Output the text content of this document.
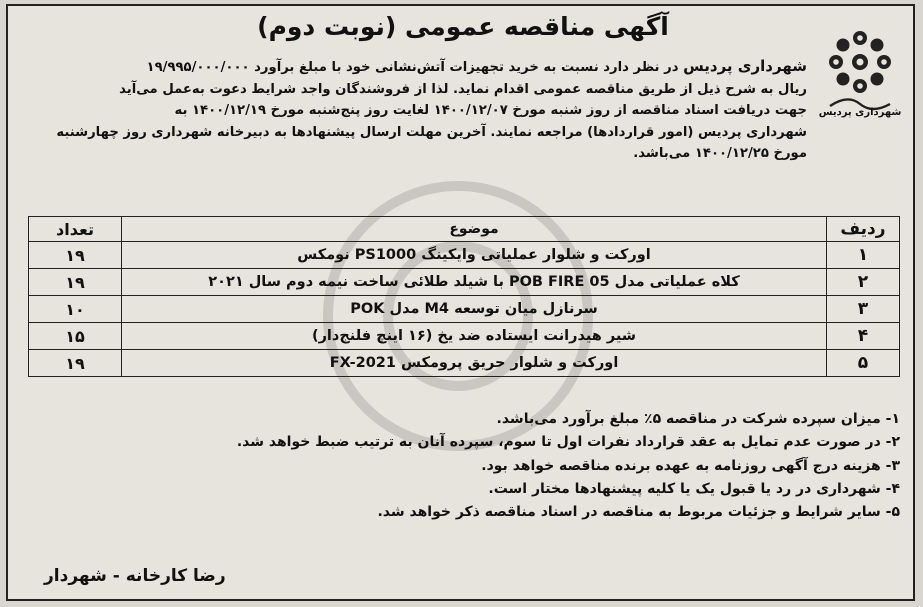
شهرداری پردیس
آگهی مناقصه عمومی (نوبت دوم)
شهرداری پردیس در نظر دارد نسبت به خرید تجهیزات آتش‌نشانی خود با مبلغ برآورد ۱۹/۹۹۵/۰۰۰/۰۰۰
ریال به شرح ذیل از طریق مناقصه عمومی اقدام نماید. لذا از فروشندگان واجد شرایط دعوت به‌عمل می‌آید
جهت دریافت اسناد مناقصه از روز شنبه مورخ ۱۴۰۰/۱۲/۰۷ لغایت روز پنج‌شنبه مورخ ۱۴۰۰/۱۲/۱۹ به
شهرداری پردیس (امور قراردادها) مراجعه نمایند. آخرین مهلت ارسال پیشنهادها به دبیرخانه شهرداری روز چهارشنبه
مورخ ۱۴۰۰/۱۲/۲۵ می‌باشد.
ردیف	موضوع	تعداد
۱	اورکت و شلوار عملیاتی وایکینگ PS1000 نومکس	۱۹
۲	کلاه عملیاتی مدل POB FIRE 05 با شیلد طلائی ساخت نیمه دوم سال ۲۰۲۱	۱۹
۳	سرنازل میان توسعه M4 مدل POK	۱۰
۴	شیر هیدرانت ایستاده ضد یخ (۱۶ اینچ فلنج‌دار)	۱۵
۵	اورکت و شلوار حریق پرومکس FX-2021	۱۹
۱- میزان سپرده شرکت در مناقصه ۵٪ مبلغ برآورد می‌باشد.
۲- در صورت عدم تمایل به عقد قرارداد نفرات اول تا سوم، سپرده آنان به ترتیب ضبط خواهد شد.
۳- هزینه درج آگهی روزنامه به عهده برنده مناقصه خواهد بود.
۴- شهرداری در رد یا قبول یک یا کلیه پیشنهادها مختار است.
۵- سایر شرایط و جزئیات مربوط به مناقصه در اسناد مناقصه ذکر خواهد شد.
رضا کارخانه - شهردار
